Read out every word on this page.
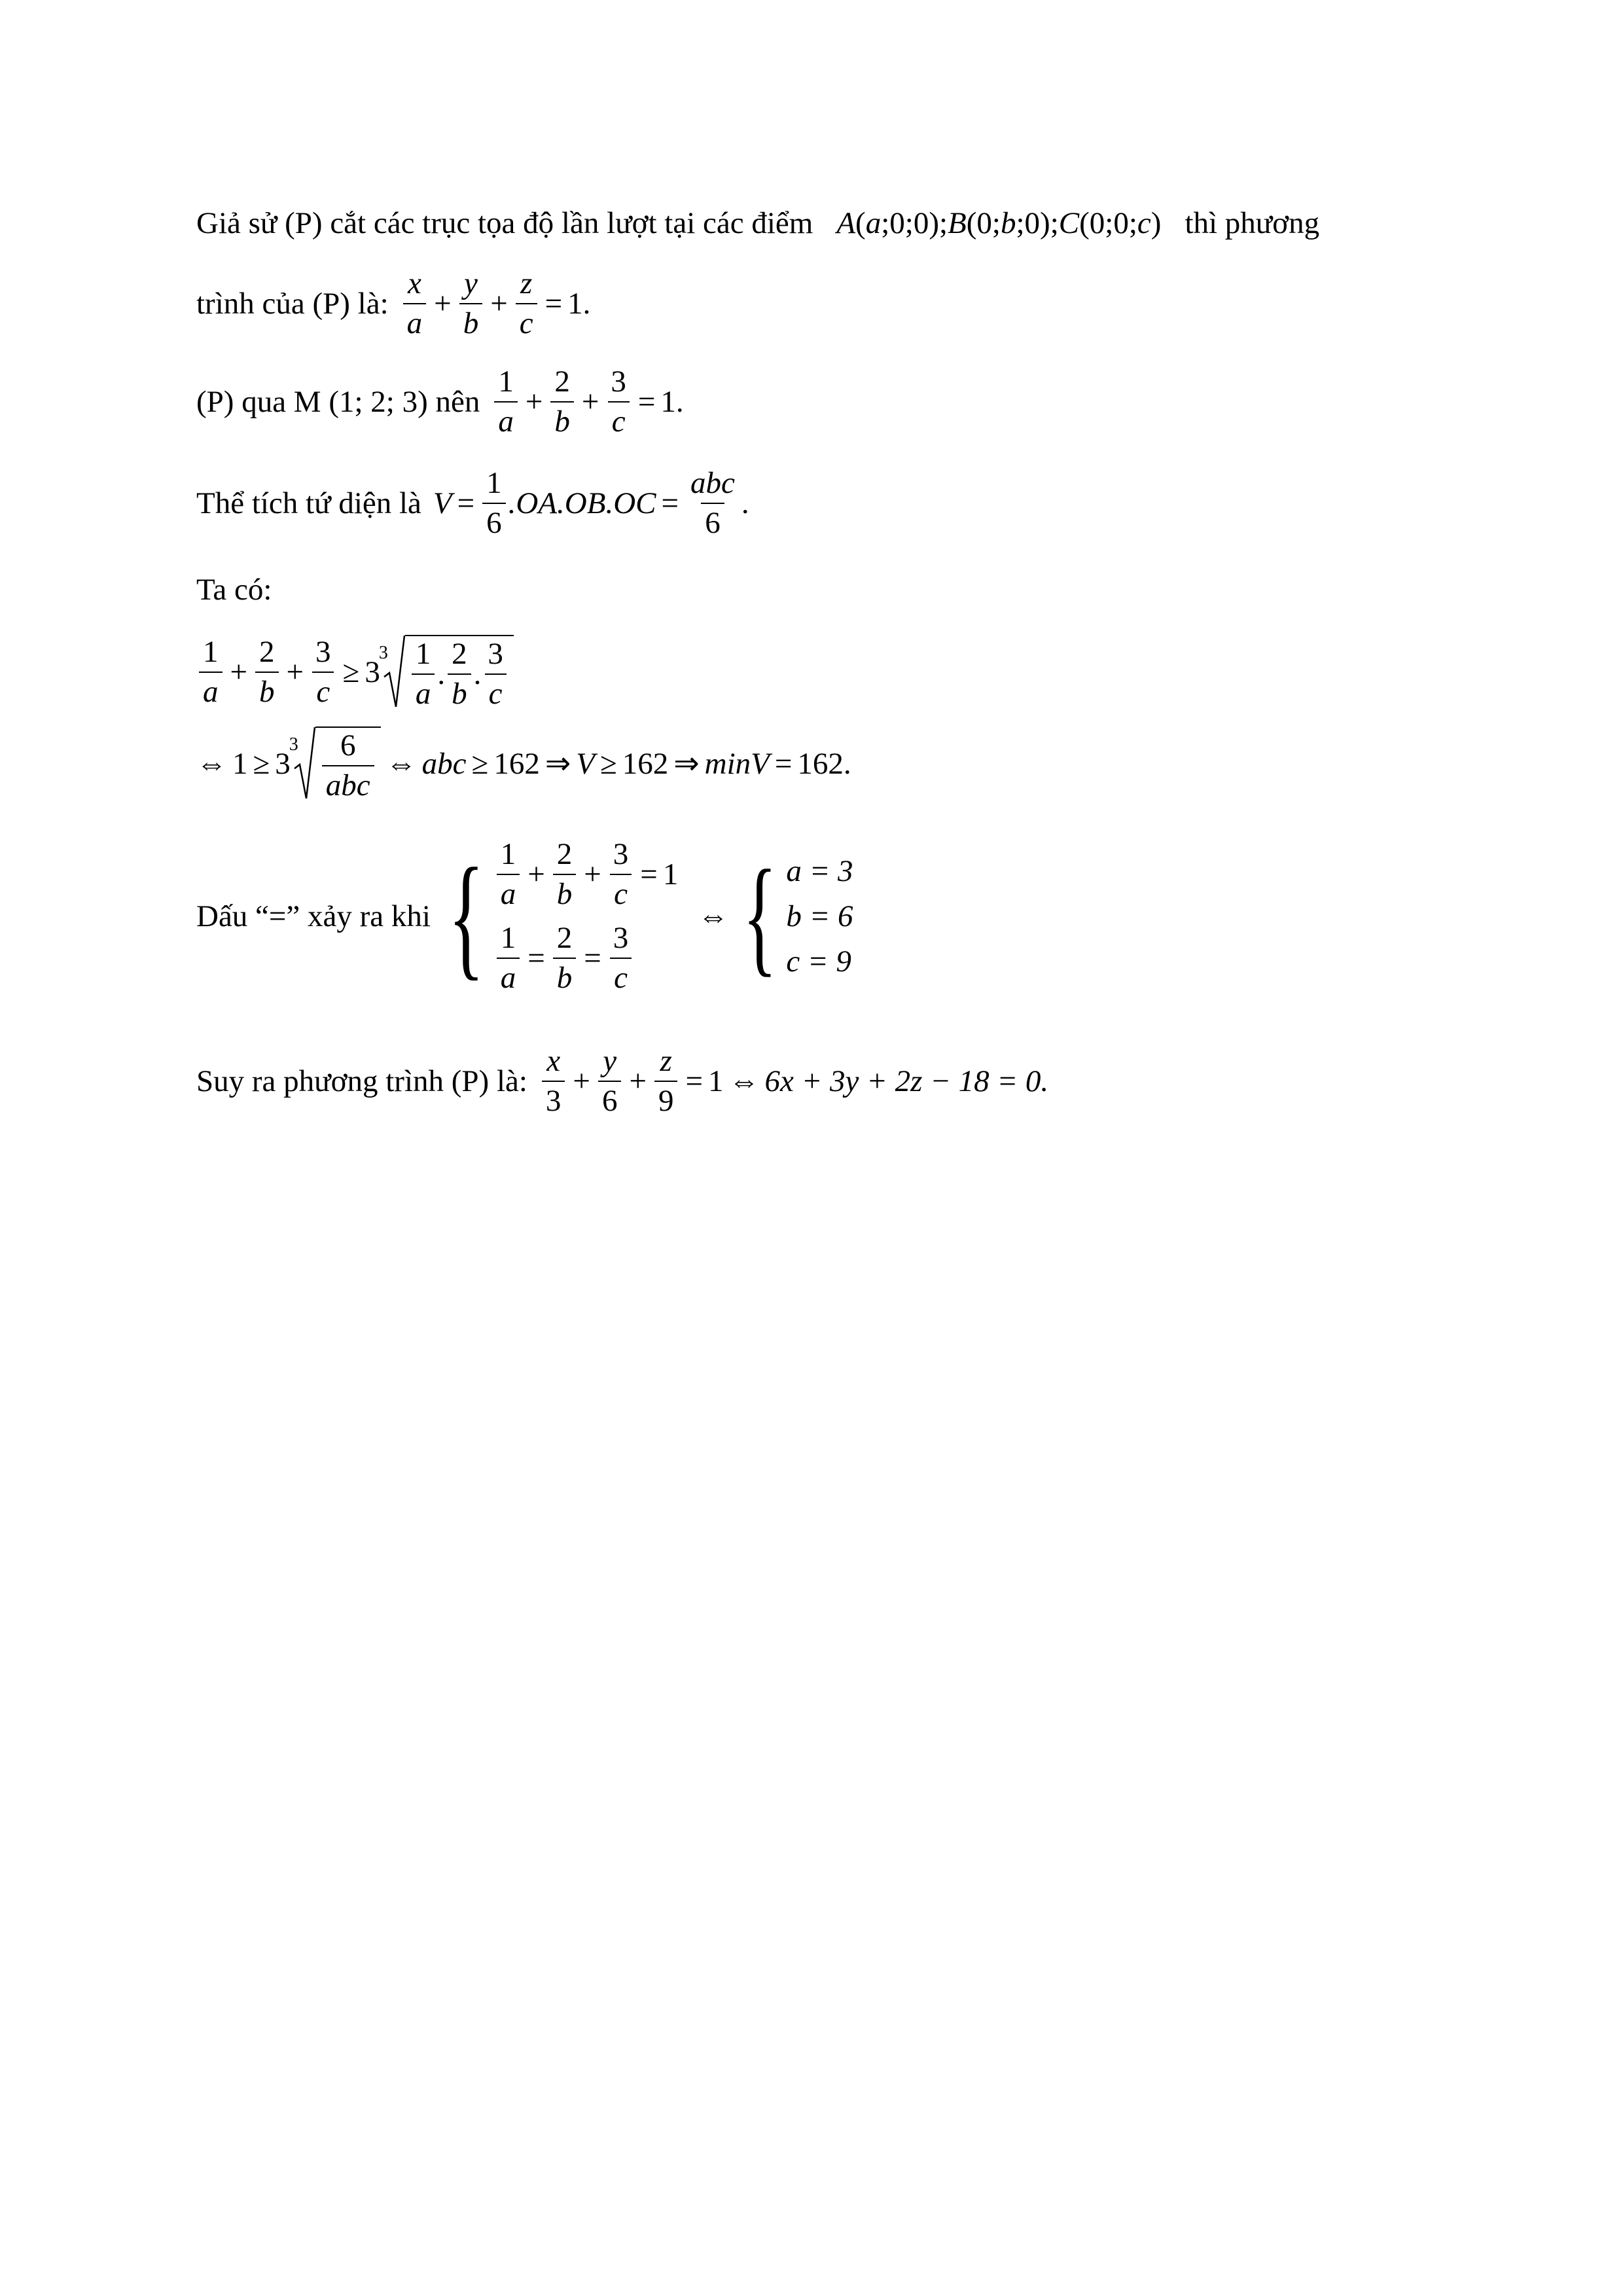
Giả sử (P) cắt các trục tọa độ lần lượt tại các điểm A ( a ; 0 ; 0 ); B ( 0 ; b ; 0 ); C ( 0 ; 0 ; c ) thì phương
trình của (P) là: $\frac{x}{a} + \frac{y}{b} + \frac{z}{c} = 1$.
(P) qua M (1; 2; 3) nên $\frac{1}{a} + \frac{2}{b} + \frac{3}{c} = 1$.
Thể tích tứ diện là $V = \frac{1}{6} .OA.OB.OC = \frac{\text{abc}}{6}$ .
Ta có:
$\frac{1}{a} + \frac{2}{b} + \frac{3}{c} \ge 3$
$3 \frac{1}{a}$ . $\frac{2}{b}$ . $\frac{3}{c}$
⇔ 1 ≥ 3
$3 \frac{6}{\text{abc}}$ ⇔ abc ≥ 162 ⇒ V ≥ 162 ⇒ minV = 162.
Dấu “=” xảy ra khi { $\frac{1}{a} + \frac{2}{b} + \frac{3}{c} = 1$
$\frac{1}{a} = \frac{2}{b} = \frac{3}{c}$
⇔ { a = 3
b = 6
c = 9
Suy ra phương trình (P) là: $\frac{x}{3} + \frac{y}{6} + \frac{z}{9} = 1$ ⇔ 6x + 3y + 2z − 18 = 0.
